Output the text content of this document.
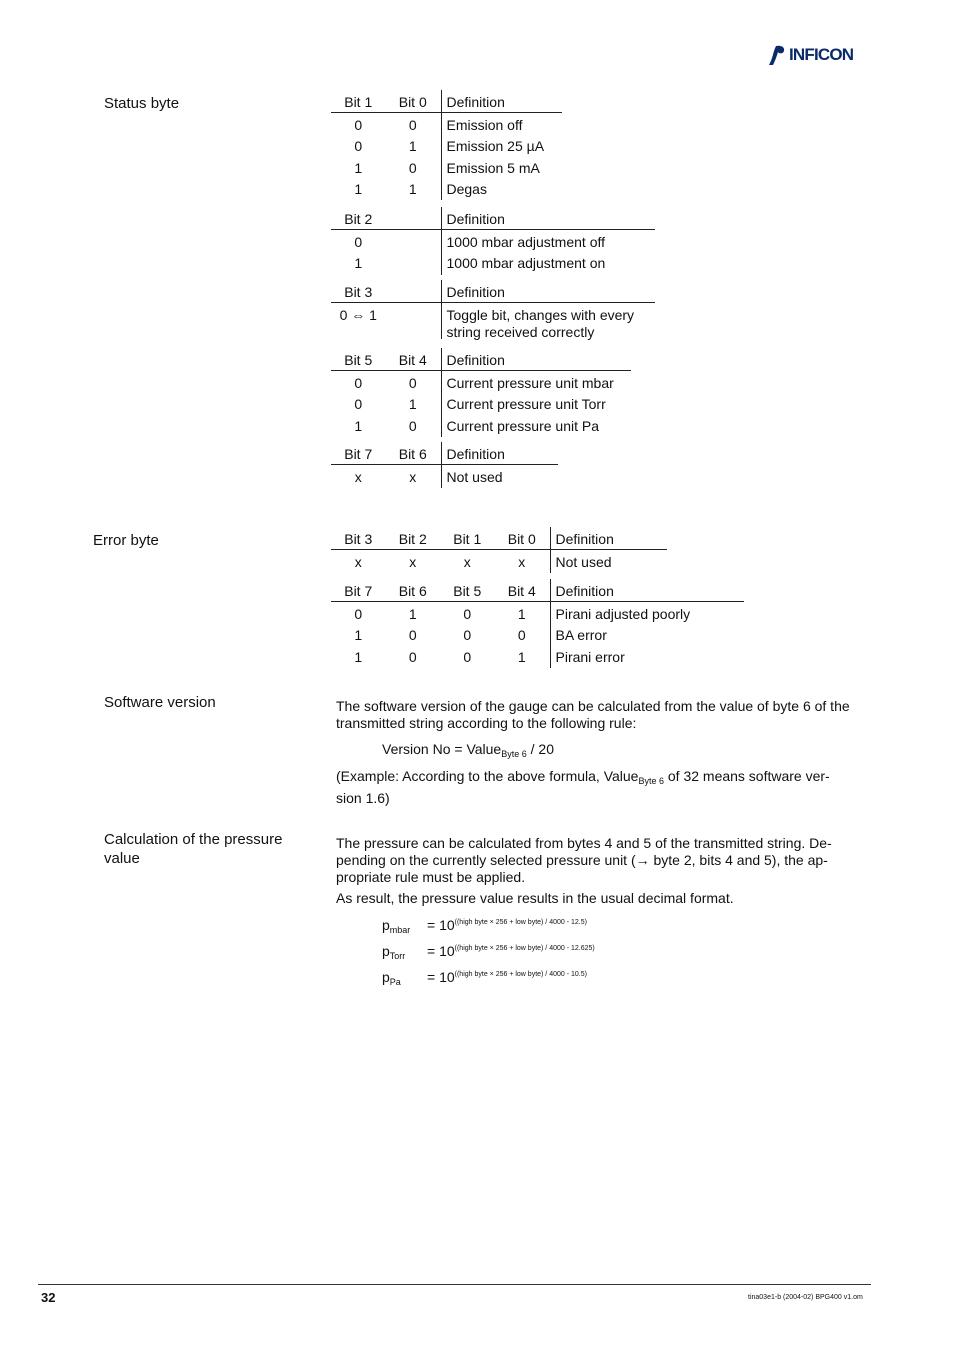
INFICON
Status byte	Bit 1	Bit 0	Definition
0	0	Emission off
0	1	Emission 25 µA
1	0	Emission 5 mA
1	1	Degas
Bit 2	Definition
0	1000 mbar adjustment off
1	1000 mbar adjustment on
Bit 3	Definition
0 ⇔ 1	Toggle bit, changes with every
string received correctly
Bit 5	Bit 4	Definition
0	0	Current pressure unit mbar
0	1	Current pressure unit Torr
1	0	Current pressure unit Pa
Bit 7	Bit 6	Definition
x	x	Not used
Error byte	Bit 3	Bit 2	Bit 1	Bit 0	Definition
x	x	x	x	Not used
Bit 7	Bit 6	Bit 5	Bit 4	Definition
0	1	0	1	Pirani adjusted poorly
1	0	0	0	BA error
1	0	0	1	Pirani error
Software version	The software version of the gauge can be calculated from the value of byte 6 of the
transmitted string according to the following rule:
Version No = Value$_{Byte 6}$ / 20
(Example: According to the above formula, Value$_{Byte 6}$ of 32 means software ver-
sion 1.6)
Calculation of the pressure
value
The pressure can be calculated from bytes 4 and 5 of the transmitted string. De-
pending on the currently selected pressure unit (→ byte 2, bits 4 and 5), the ap-
propriate rule must be applied.
As result, the pressure value results in the usual decimal format.
$p_{mbar} = 10^{((high byte \times 256 + low byte) / 4000 - 12.5)}$
$p_{Torr} = 10^{((high byte \times 256 + low byte) / 4000 - 12.625)}$
$p_{Pa} = 10^{((high byte \times 256 + low byte) / 4000 - 10.5)}$
32	tina03e1-b (2004-02) BPG400 v1.om
